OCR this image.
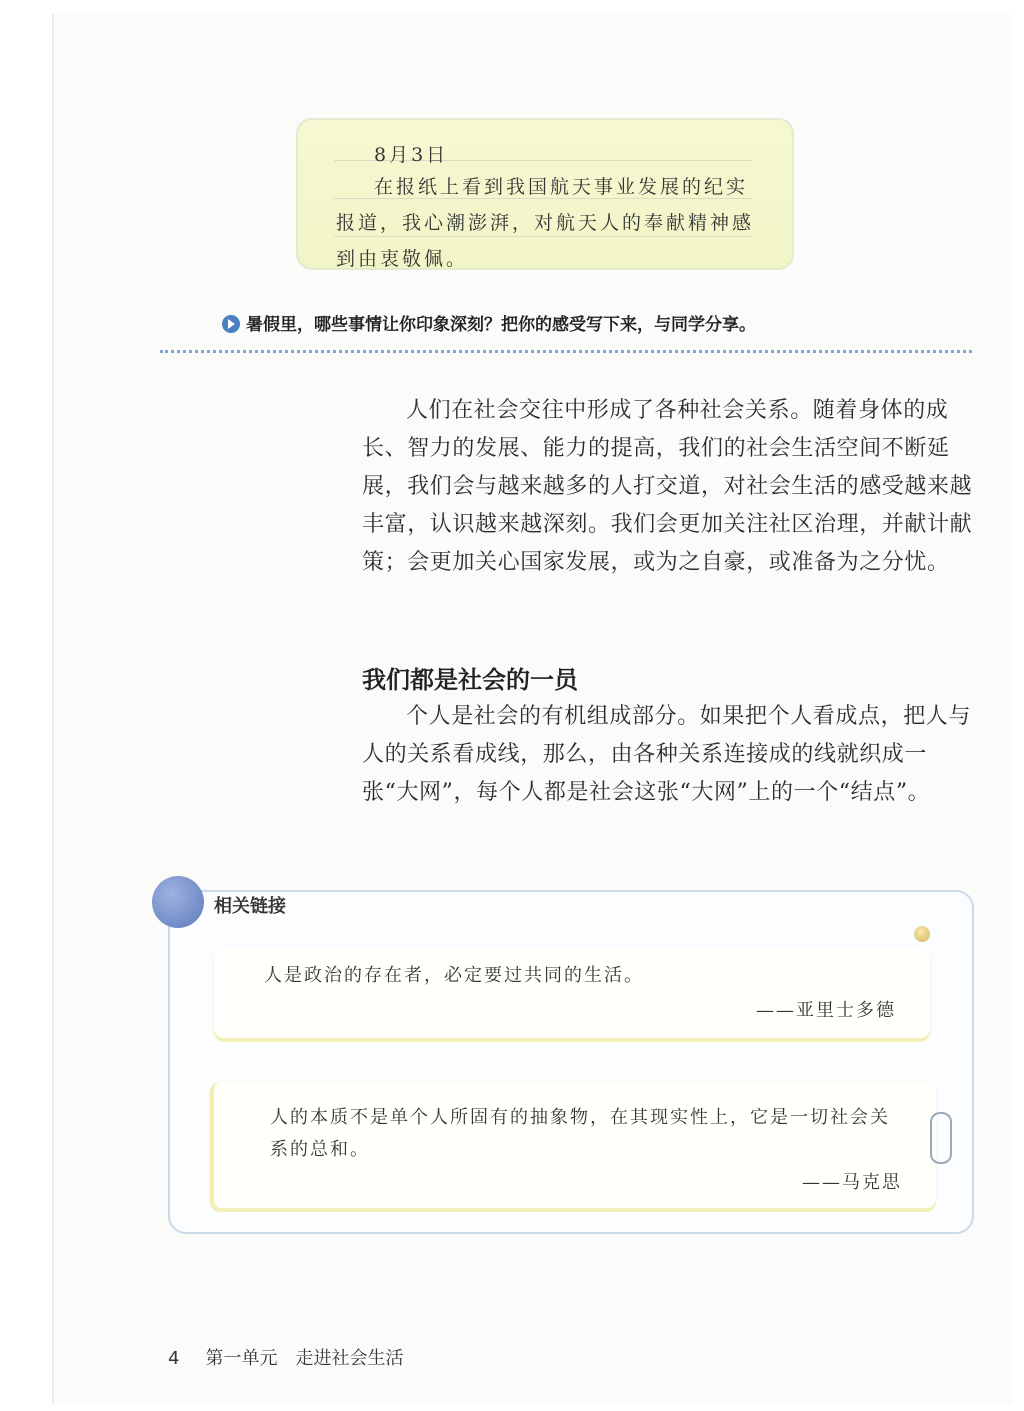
8月3日
在报纸上看到我国航天事业发展的纪实
报道，我心潮澎湃，对航天人的奉献精神感
到由衷敬佩。
暑假里，哪些事情让你印象深刻？把你的感受写下来，与同学分享。
人们在社会交往中形成了各种社会关系。随着身体的成长、智力的发展、能力的提高，我们的社会生活空间不断延展，我们会与越来越多的人打交道，对社会生活的感受越来越丰富，认识越来越深刻。我们会更加关注社区治理，并献计献策；会更加关心国家发展，或为之自豪，或准备为之分忧。
我们都是社会的一员
个人是社会的有机组成部分。如果把个人看成点，把人与人的关系看成线，那么，由各种关系连接成的线就织成一张“大网”，每个人都是社会这张“大网”上的一个“结点”。
相关链接
人是政治的存在者，必定要过共同的生活。
——亚里士多德
人的本质不是单个人所固有的抽象物，在其现实性上，它是一切社会关系的总和。
——马克思
4 第一单元 走进社会生活
